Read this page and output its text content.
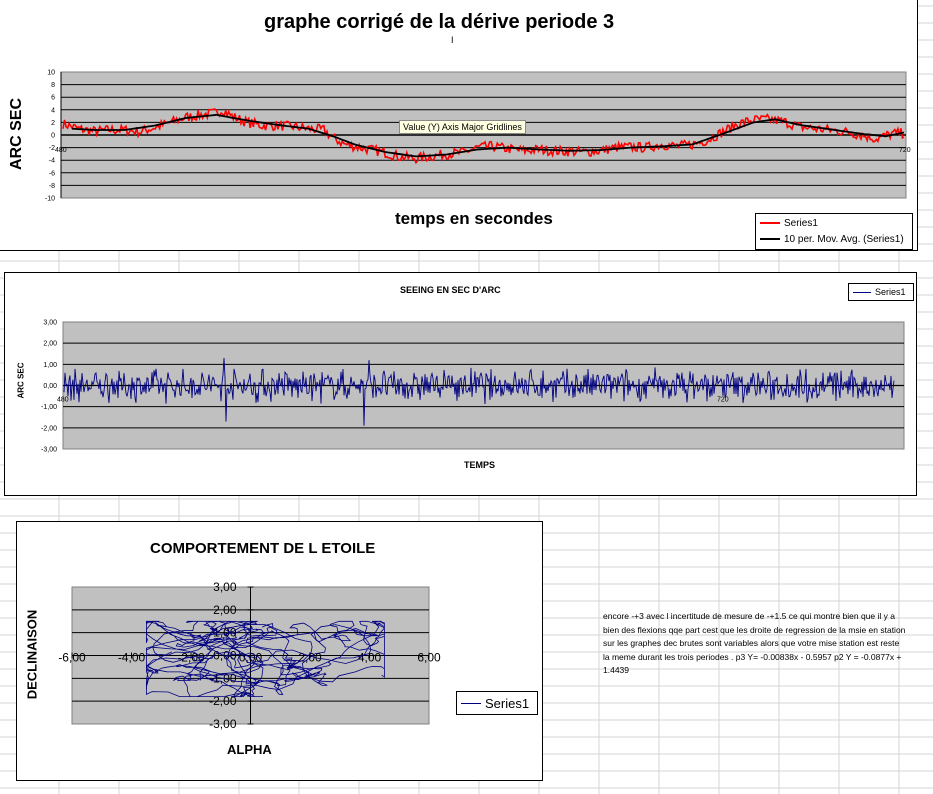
graphe corrigé de la dérive periode 3
I
10
8
6
4
2
0
-2
-4
-6
-8
-10
480	720
ARC SEC
temps en secondes
Value (Y) Axis Major Gridlines
Series1
10 per. Mov. Avg. (Series1)
SEEING EN SEC D'ARC
3,00
2,00
1,00
0,00
-1,00
-2,00
-3,00
480	720
ARC SEC
TEMPS
Series1
COMPORTEMENT DE L ETOILE
-6,00	-4,00	-2,00	0,00	2,00	4,00	6,00
3,00
2,00
1,00
0,00
-1,00
-2,00
-3,00
DECLINAISON
ALPHA
Series1
encore -+3 avec l incertitude de mesure de -+1.5 ce qui montre bien que il y a bien des flexions qqe part cest que les droite de regression de la msie en station sur les graphes dec brutes sont variables alors que votre mise station est reste la meme durant les trois periodes . p3 Y= -0.00838x - 0.5957 p2 Y = -0.0877x + 1.4439
